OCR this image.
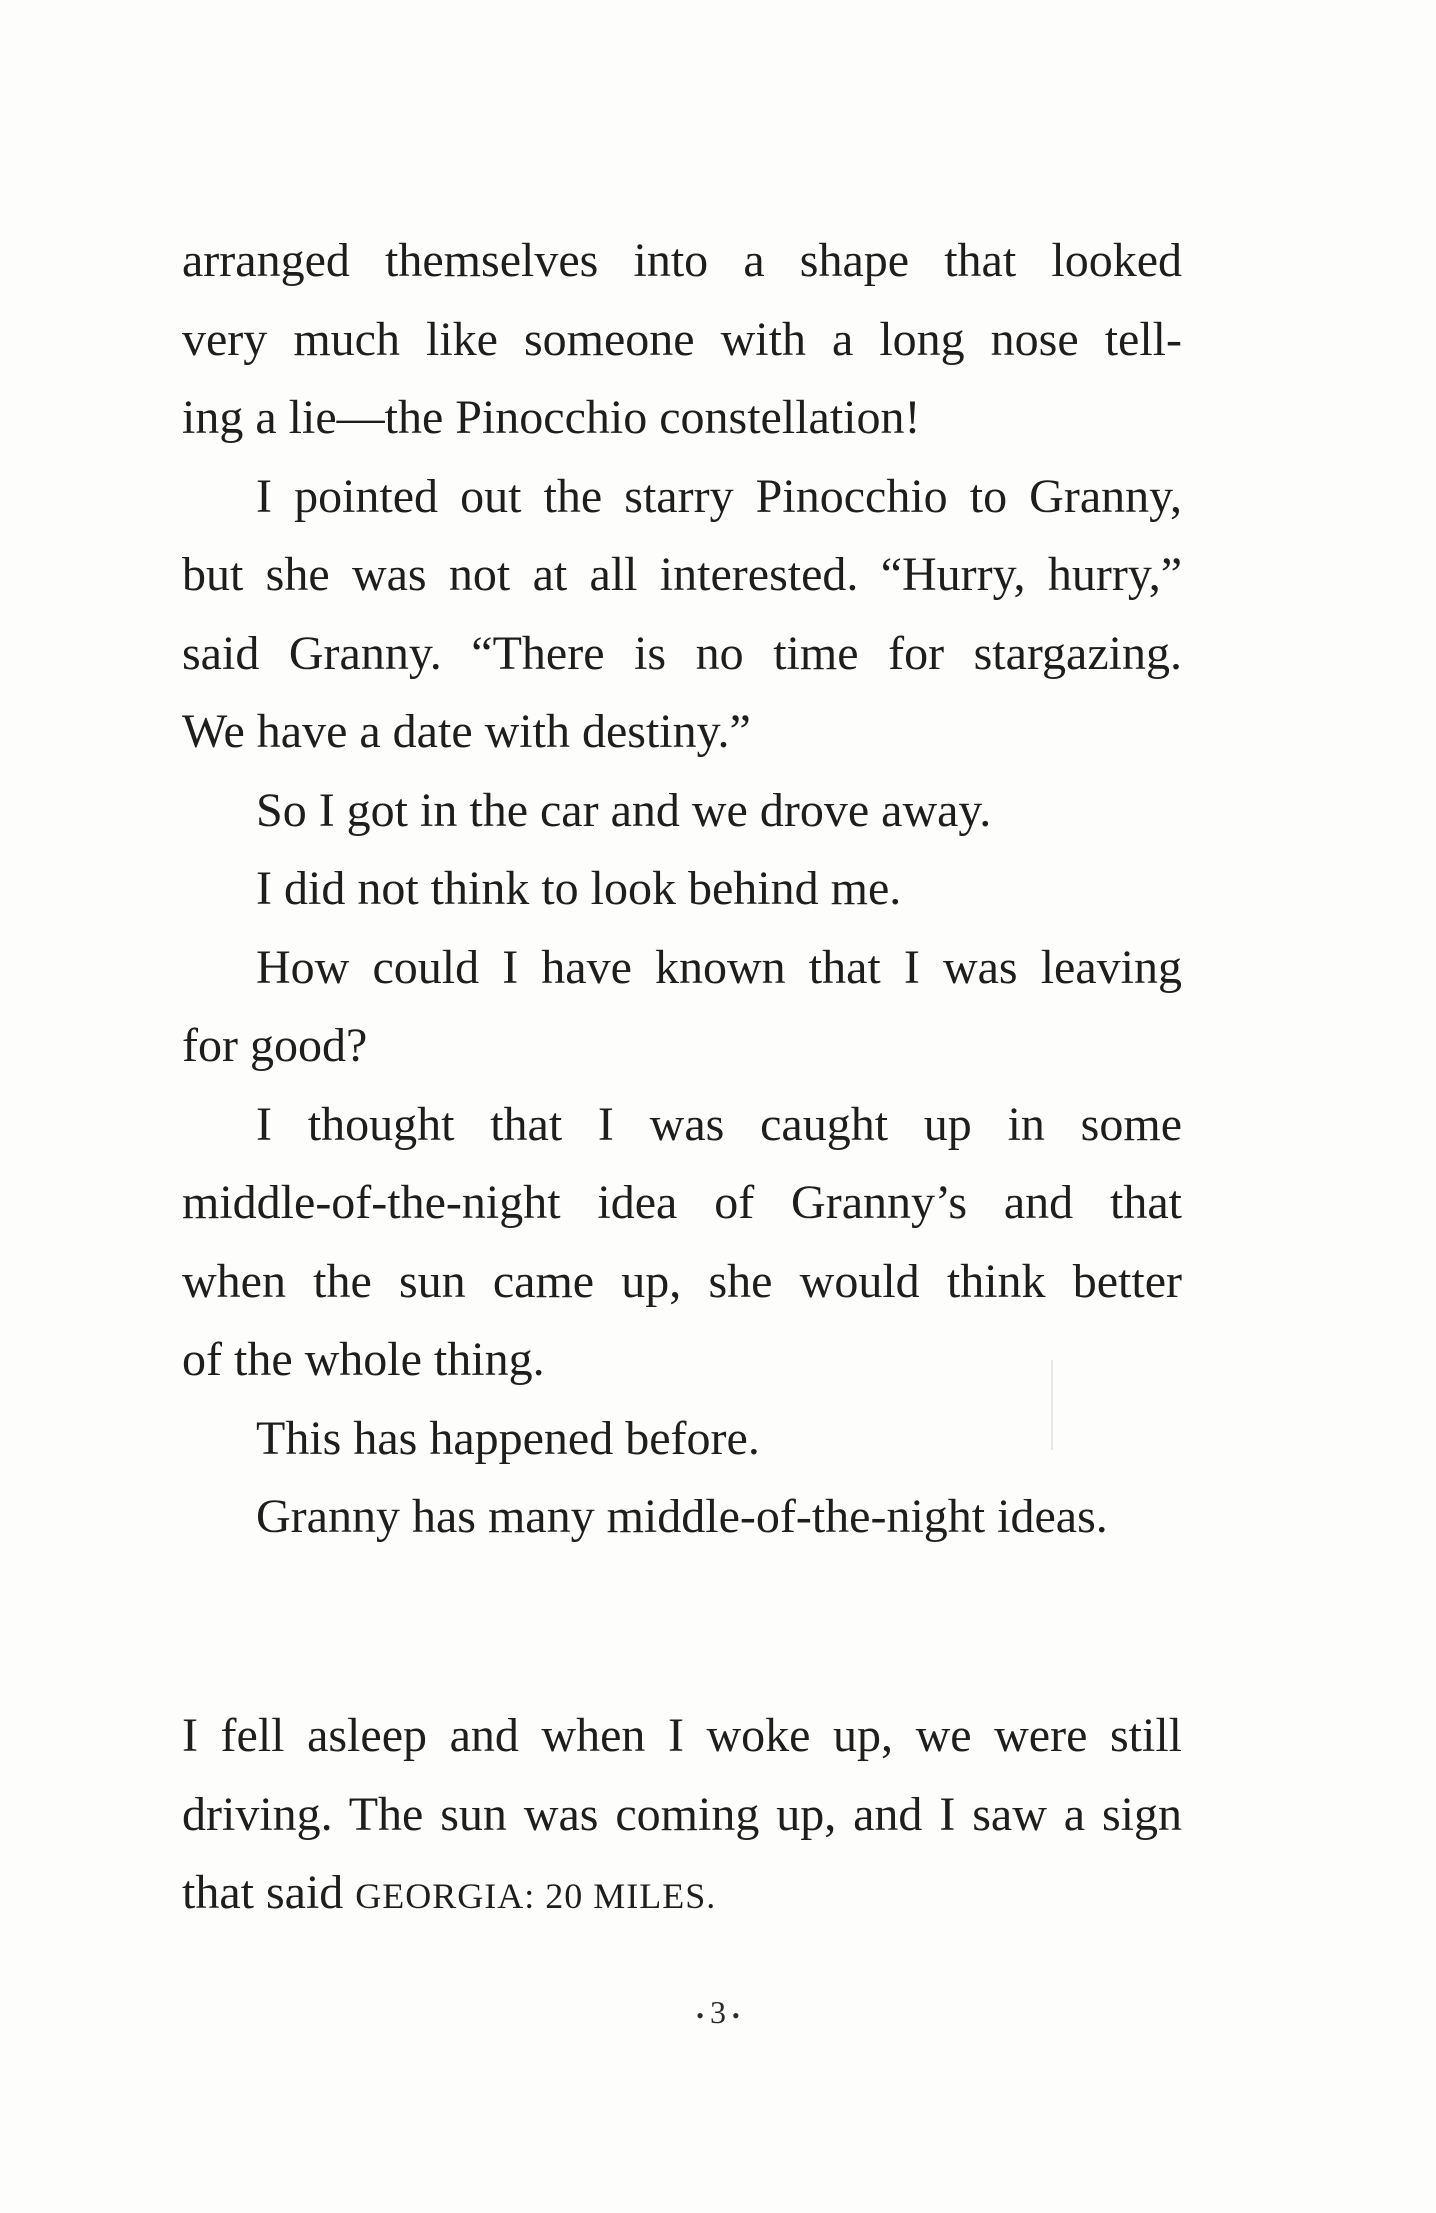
arranged themselves into a shape that looked
very much like someone with a long nose tell-
ing a lie—the Pinocchio constellation!
I pointed out the starry Pinocchio to Granny,
but she was not at all interested. “Hurry, hurry,”
said Granny. “There is no time for stargazing.
We have a date with destiny.”
So I got in the car and we drove away.
I did not think to look behind me.
How could I have known that I was leaving
for good?
I thought that I was caught up in some
middle-of-the-night idea of Granny’s and that
when the sun came up, she would think better
of the whole thing.
This has happened before.
Granny has many middle-of-the-night ideas.
I fell asleep and when I woke up, we were still
driving. The sun was coming up, and I saw a sign
that said GEORGIA: 20 MILES.
• 3 •
